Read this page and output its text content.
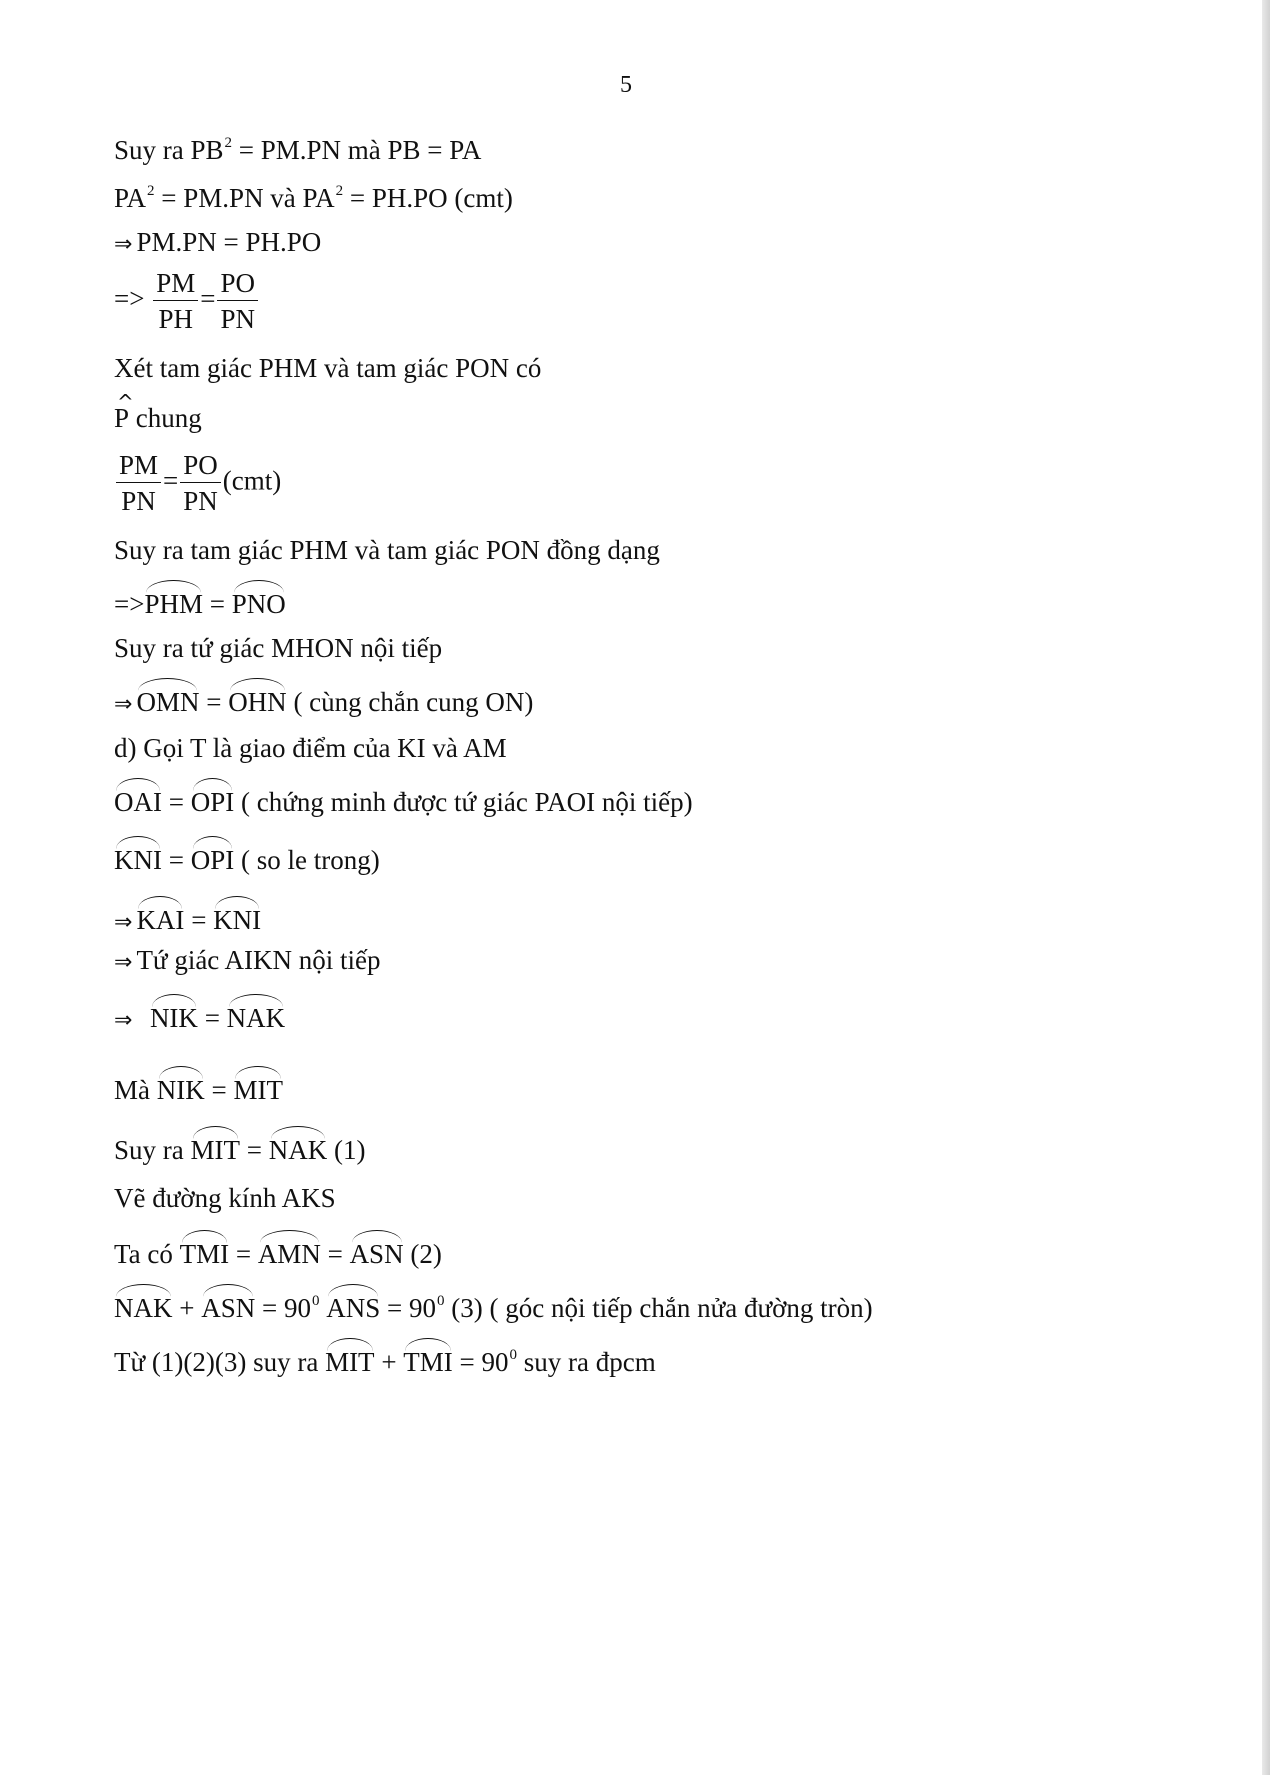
5
Suy ra $PB^2 = PM.PN$ mà PB = PA
$PA^2 = PM.PN$ và $PA^2 = PH.PO$ (cmt)
⇒ PM.PN = PH.PO
=> $\frac{PM}{PH} = \frac{PO}{PN}$
Xét tam giác PHM và tam giác PON có
^ P chung
$\frac{PM}{PN} = \frac{PO}{PN} (cmt)$
Suy ra tam giác PHM và tam giác PON đồng dạng
=>PHM = PNO
Suy ra tứ giác MHON nội tiếp
⇒ OMN = OHN ( cùng chắn cung ON)
d) Gọi T là giao điểm của KI và AM
OAI = OPI ( chứng minh được tứ giác PAOI nội tiếp)
KNI = OPI ( so le trong)
⇒ KAI = KNI
⇒ Tứ giác AIKN nội tiếp
⇒ NIK = NAK
Mà NIK = MIT
Suy ra MIT = NAK (1)
Vẽ đường kính AKS
Ta có TMI = AMN = ASN (2)
NAK + ASN = $90^0$ ANS = $90^0$ (3) ( góc nội tiếp chắn nửa đường tròn)
Từ (1)(2)(3) suy ra MIT + TMI = $90^0$ suy ra đpcm
